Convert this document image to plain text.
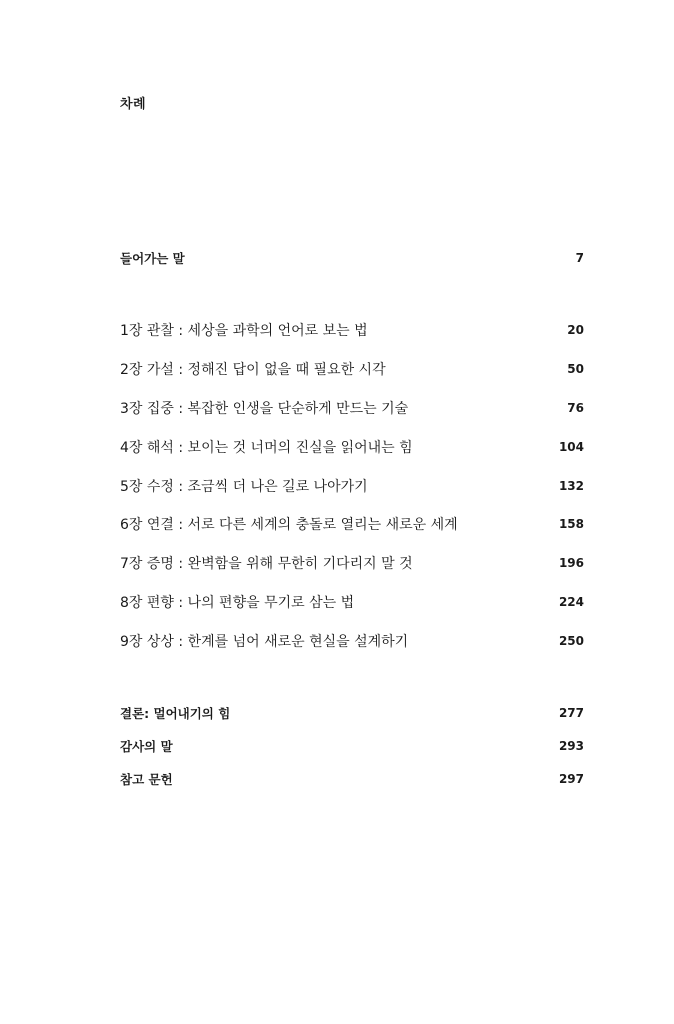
차례
들어가는 말	7
1장 관찰 : 세상을 과학의 언어로 보는 법	20
2장 가설 : 정해진 답이 없을 때 필요한 시각	50
3장 집중 : 복잡한 인생을 단순하게 만드는 기술	76
4장 해석 : 보이는 것 너머의 진실을 읽어내는 힘	104
5장 수정 : 조금씩 더 나은 길로 나아가기	132
6장 연결 : 서로 다른 세계의 충돌로 열리는 새로운 세계	158
7장 증명 : 완벽함을 위해 무한히 기다리지 말 것	196
8장 편향 : 나의 편향을 무기로 삼는 법	224
9장 상상 : 한계를 넘어 새로운 현실을 설계하기	250
결론: 멀어내기의 힘	277
감사의 말	293
참고 문헌	297
